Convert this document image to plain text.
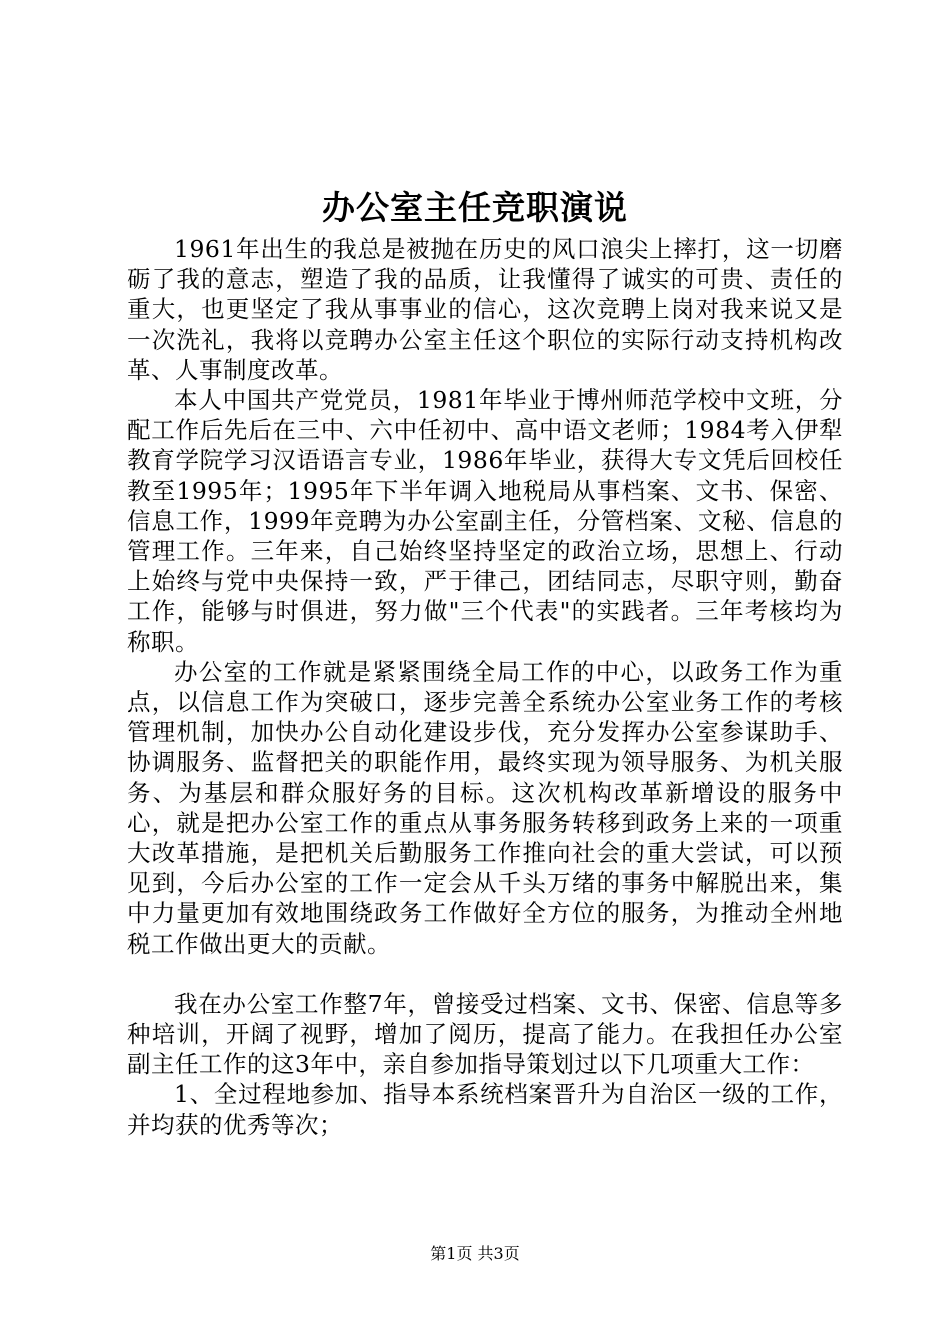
办公室主任竞职演说

1961年出生的我总是被抛在历史的风口浪尖上摔打，这一切磨砺了我的意志，塑造了我的品质，让我懂得了诚实的可贵、责任的重大，也更坚定了我从事事业的信心，这次竞聘上岗对我来说又是一次洗礼，我将以竞聘办公室主任这个职位的实际行动支持机构改革、人事制度改革。

本人中国共产党党员，1981年毕业于博州师范学校中文班，分配工作后先后在三中、六中任初中、高中语文老师；1984考入伊犁教育学院学习汉语语言专业，1986年毕业，获得大专文凭后回校任教至1995年；1995年下半年调入地税局从事档案、文书、保密、信息工作，1999年竞聘为办公室副主任，分管档案、文秘、信息的管理工作。三年来，自己始终坚持坚定的政治立场，思想上、行动上始终与党中央保持一致，严于律己，团结同志，尽职守则，勤奋工作，能够与时俱进，努力做"三个代表"的实践者。三年考核均为称职。

办公室的工作就是紧紧围绕全局工作的中心，以政务工作为重点，以信息工作为突破口，逐步完善全系统办公室业务工作的考核管理机制，加快办公自动化建设步伐，充分发挥办公室参谋助手、协调服务、监督把关的职能作用，最终实现为领导服务、为机关服务、为基层和群众服好务的目标。这次机构改革新增设的服务中心，就是把办公室工作的重点从事务服务转移到政务上来的一项重大改革措施，是把机关后勤服务工作推向社会的重大尝试，可以预见到，今后办公室的工作一定会从千头万绪的事务中解脱出来，集中力量更加有效地围绕政务工作做好全方位的服务，为推动全州地税工作做出更大的贡献。

我在办公室工作整7年，曾接受过档案、文书、保密、信息等多种培训，开阔了视野，增加了阅历，提高了能力。在我担任办公室副主任工作的这3年中，亲自参加指导策划过以下几项重大工作：

1、全过程地参加、指导本系统档案晋升为自治区一级的工作，并均获的优秀等次；

第1页 共3页
